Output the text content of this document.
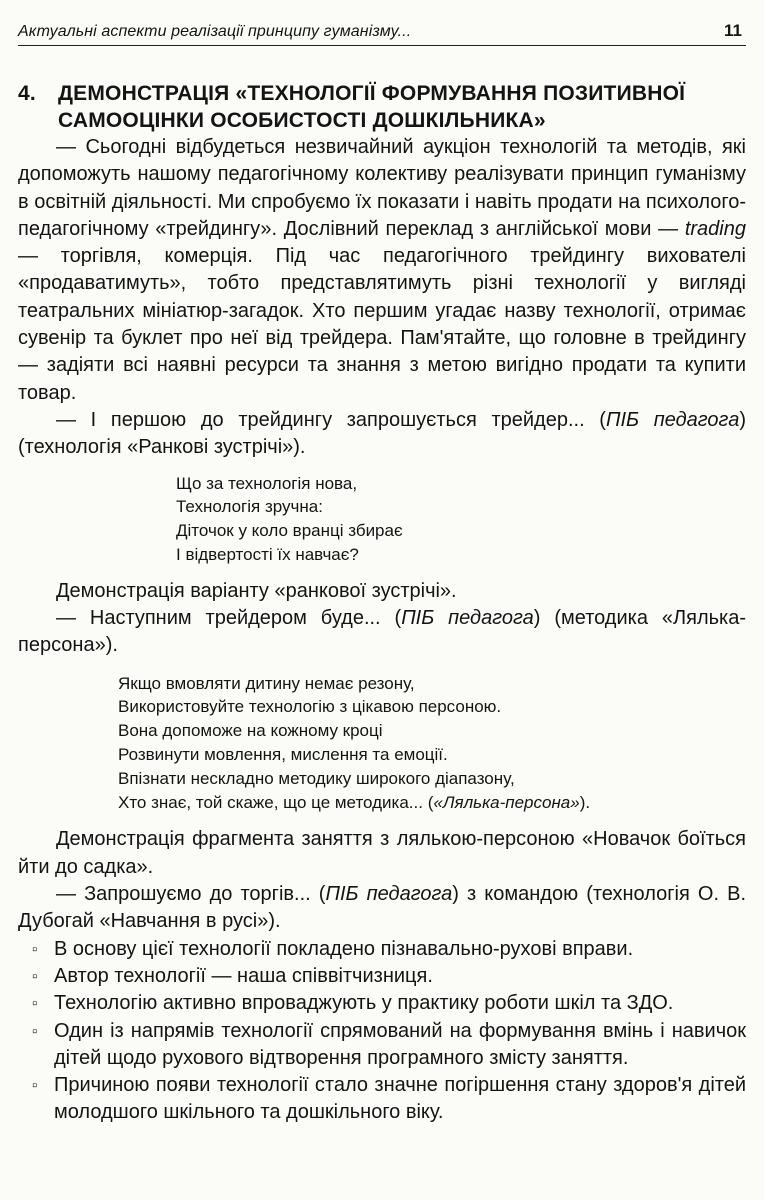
Актуальні аспекти реалізації принципу гуманізму...	11
4.	ДЕМОНСТРАЦІЯ «ТЕХНОЛОГІЇ ФОРМУВАННЯ ПОЗИТИВНОЇ САМООЦІНКИ ОСОБИСТОСТІ ДОШКІЛЬНИКА»

— Сьогодні відбудеться незвичайний аукціон технологій та методів, які допоможуть нашому педагогічному колективу реалізувати принцип гуманізму в освітній діяльності. Ми спробуємо їх показати і навіть продати на психолого-педагогічному «трейдингу». Дослівний переклад з англійської мови — trading — торгівля, комерція. Під час педагогічного трейдингу вихователі «продаватимуть», тобто представлятимуть різні технології у вигляді театральних мініатюр-загадок. Хто першим угадає назву технології, отримає сувенір та буклет про неї від трейдера. Пам'ятайте, що головне в трейдингу — задіяти всі наявні ресурси та знання з метою вигідно продати та купити товар.

— І першою до трейдингу запрошується трейдер... (ПІБ педагога) (технологія «Ранкові зустрічі»).

Що за технологія нова,
Технологія зручна:
Діточок у коло вранці збирає
І відвертості їх навчає?

Демонстрація варіанту «ранкової зустрічі».

— Наступним трейдером буде... (ПІБ педагога) (методика «Лялька-персона»).

Якщо вмовляти дитину немає резону,
Використовуйте технологію з цікавою персоною.
Вона допоможе на кожному кроці
Розвинути мовлення, мислення та емоції.
Впізнати нескладно методику широкого діапазону,
Хто знає, той скаже, що це методика... («Лялька-персона»).

Демонстрація фрагмента заняття з лялькою-персоною «Новачок боїться йти до садка».

— Запрошуємо до торгів... (ПІБ педагога) з командою (технологія О. В. Дубогай «Навчання в русі»).

▫ В основу цієї технології покладено пізнавально-рухові вправи.
▫ Автор технології — наша співвітчизниця.
▫ Технологію активно впроваджують у практику роботи шкіл та ЗДО.
▫ Один із напрямів технології спрямований на формування вмінь і навичок дітей щодо рухового відтворення програмного змісту заняття.
▫ Причиною появи технології стало значне погіршення стану здоров'я дітей молодшого шкільного та дошкільного віку.
